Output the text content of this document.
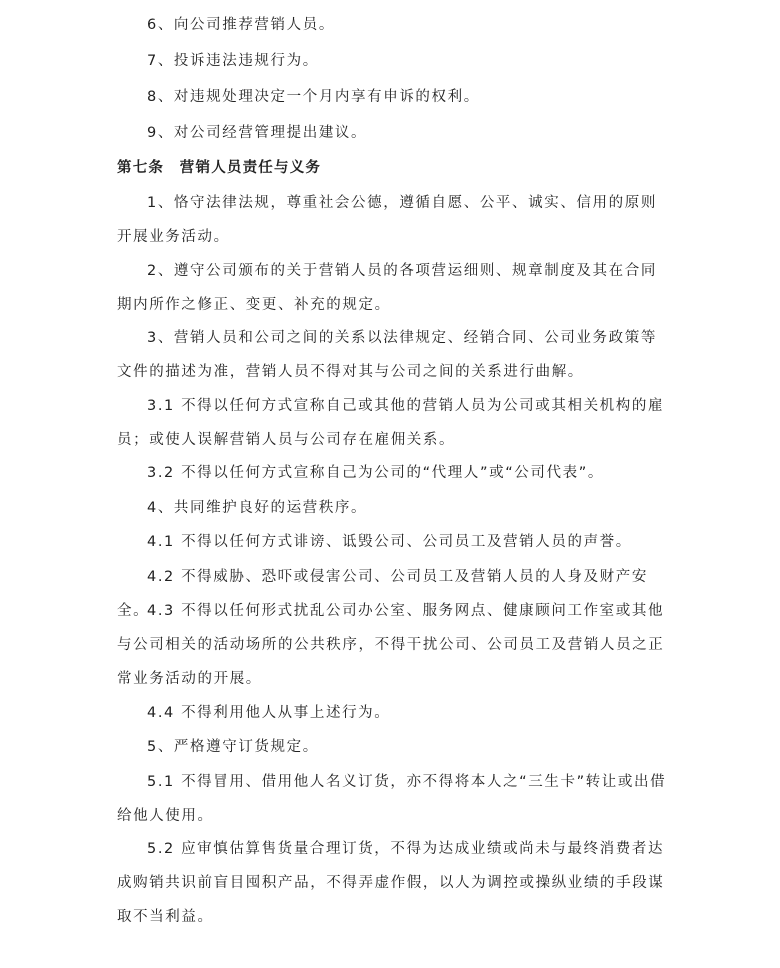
6、向公司推荐营销人员。

7、投诉违法违规行为。

8、对违规处理决定一个月内享有申诉的权利。

9、对公司经营管理提出建议。

第七条　营销人员责任与义务

1、恪守法律法规，尊重社会公德，遵循自愿、公平、诚实、信用的原则开展业务活动。

2、遵守公司颁布的关于营销人员的各项营运细则、规章制度及其在合同期内所作之修正、变更、补充的规定。

3、营销人员和公司之间的关系以法律规定、经销合同、公司业务政策等文件的描述为准，营销人员不得对其与公司之间的关系进行曲解。

3.1 不得以任何方式宣称自己或其他的营销人员为公司或其相关机构的雇员；或使人误解营销人员与公司存在雇佣关系。

3.2 不得以任何方式宣称自己为公司的“代理人”或“公司代表”。

4、共同维护良好的运营秩序。

4.1 不得以任何方式诽谤、诋毁公司、公司员工及营销人员的声誉。

4.2 不得威胁、恐吓或侵害公司、公司员工及营销人员的人身及财产安全。

4.3 不得以任何形式扰乱公司办公室、服务网点、健康顾问工作室或其他与公司相关的活动场所的公共秩序，不得干扰公司、公司员工及营销人员之正常业务活动的开展。

4.4 不得利用他人从事上述行为。

5、严格遵守订货规定。

5.1 不得冒用、借用他人名义订货，亦不得将本人之“三生卡”转让或出借给他人使用。

5.2 应审慎估算售货量合理订货，不得为达成业绩或尚未与最终消费者达成购销共识前盲目囤积产品，不得弄虚作假，以人为调控或操纵业绩的手段谋取不当利益。
